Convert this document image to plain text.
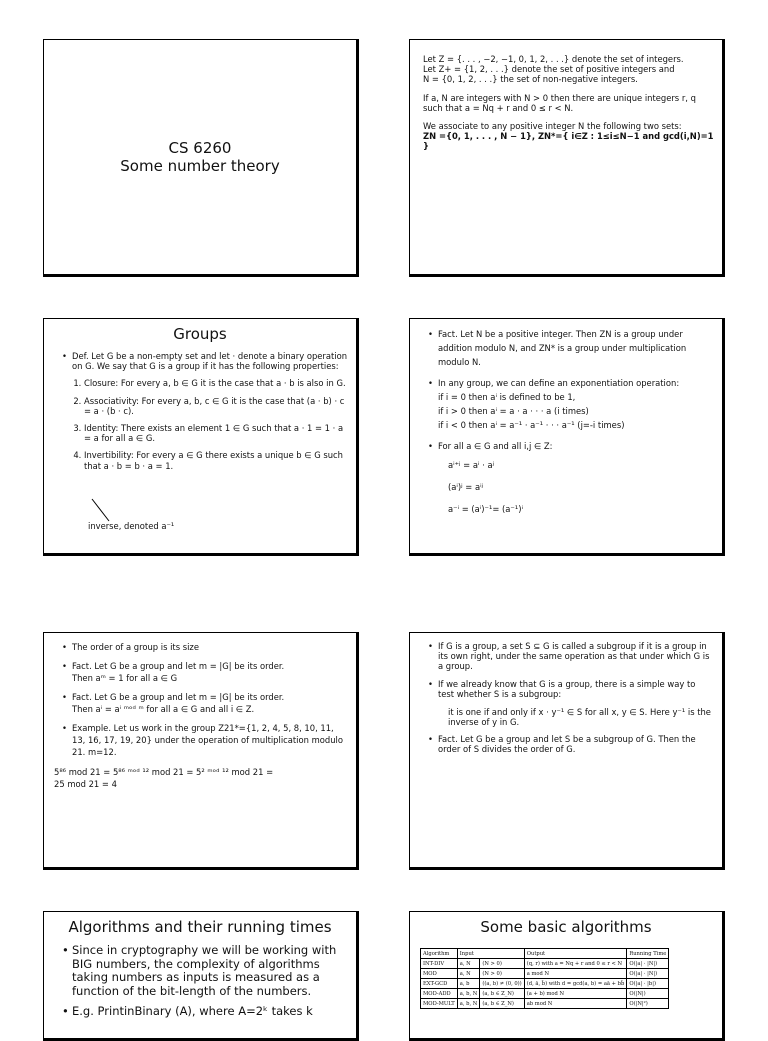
CS 6260
Some number theory

Let Z = {. . . , −2, −1, 0, 1, 2, . . .} denote the set of integers.

Let Z+ = {1, 2, . . .} denote the set of positive integers and

N = {0, 1, 2, . . .} the set of non-negative integers.

If a, N are integers with N > 0 then there are unique integers r, q

such that a = Nq + r and 0 ≤ r < N.

We associate to any positive integer N the following two sets:

ZN ={0, 1, . . . , N − 1}, ZN*={ i∈Z : 1≤i≤N−1 and gcd(i,N)=1 }

Groups
• Def. Let G be a non-empty set and let · denote a binary operation on G. We say that G is a group if it has the following properties:
1. Closure: For every a, b ∈ G it is the case that a · b is also in G.
2. Associativity: For every a, b, c ∈ G it is the case that (a · b) · c = a · (b · c).
3. Identity: There exists an element 1 ∈ G such that a · 1 = 1 · a = a for all a ∈ G.
4. Invertibility: For every a ∈ G there exists a unique b ∈ G such that a · b = b · a = 1.
inverse, denoted a⁻¹
• Fact. Let N be a positive integer. Then ZN is a group under addition modulo N, and ZN* is a group under multiplication modulo N.
• In any group, we can define an exponentiation operation:
if i = 0 then aⁱ is defined to be 1,
if i > 0 then aⁱ = a · a · · · a (i times)
if i < 0 then aⁱ = a⁻¹ · a⁻¹ · · · a⁻¹ (j=-i times)
• For all a ∈ G and all i,j ∈ Z:
aⁱ⁺ʲ = aⁱ · aʲ
(aⁱ)ʲ = aⁱʲ
a⁻ⁱ = (aⁱ)⁻¹= (a⁻¹)ⁱ
• The order of a group is its size
• Fact. Let G be a group and let m = |G| be its order.
Then aᵐ = 1 for all a ∈ G
• Fact. Let G be a group and let m = |G| be its order.
Then aⁱ = aⁱ ᵐᵒᵈ ᵐ for all a ∈ G and all i ∈ Z.
• Example. Let us work in the group Z21*={1, 2, 4, 5, 8, 10, 11, 13, 16, 17, 19, 20} under the operation of multiplication modulo 21. m=12.
5⁸⁶ mod 21 = 5⁸⁶ ᵐᵒᵈ ¹² mod 21 = 5² ᵐᵒᵈ ¹² mod 21 =
25 mod 21 = 4
• If G is a group, a set S ⊆ G is called a subgroup if it is a group in its own right, under the same operation as that under which G is a group.
• If we already know that G is a group, there is a simple way to test whether S is a subgroup:
it is one if and only if x · y⁻¹ ∈ S for all x, y ∈ S. Here y⁻¹ is the inverse of y in G.
• Fact. Let G be a group and let S be a subgroup of G. Then the order of S divides the order of G.
Algorithms and their running times
• Since in cryptography we will be working with BIG numbers, the complexity of algorithms taking numbers as inputs is measured as a function of the bit-length of the numbers.
• E.g. PrintinBinary (A), where A=2ᵏ takes k
Some basic algorithms
Algorithm	Input		Output	Running Time
INT-DIV	a, N	(N > 0)	(q, r) with a = Nq + r and 0 ≤ r < N	O(|a| · |N|)
MOD	a, N	(N > 0)	a mod N	O(|a| · |N|)
EXT-GCD	a, b	((a, b) ≠ (0, 0))	(d, ā, b̄) with d = gcd(a, b) = aā + bb̄	O(|a| · |b|)
MOD-ADD	a, b, N	(a, b ∈ Z_N)	(a + b) mod N	O(|N|)
MOD-MULT	a, b, N	(a, b ∈ Z_N)	ab mod N	O(|N|²)
